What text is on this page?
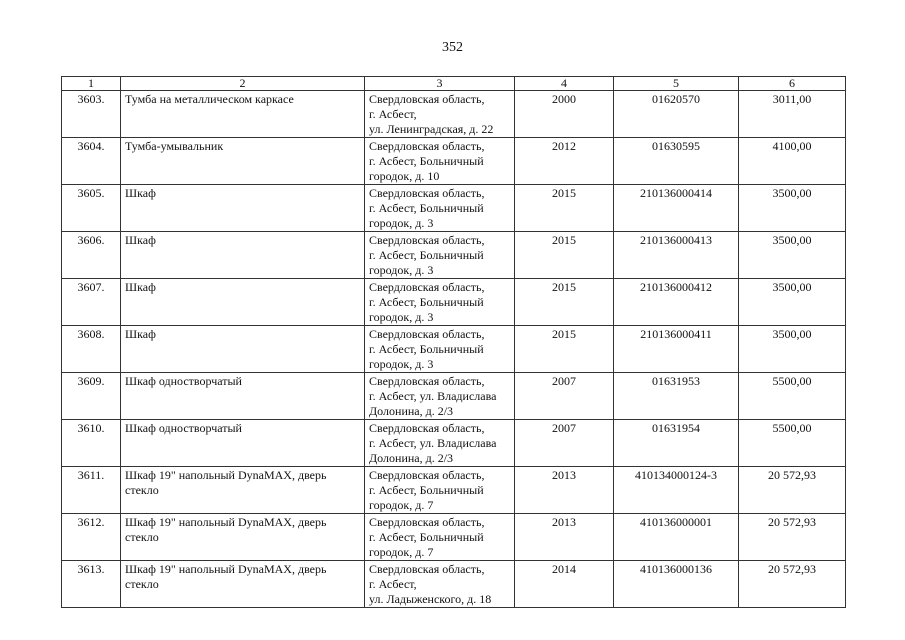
352
1	2	3	4	5	6
3603.	Тумба на металлическом каркасе	Свердловская область,
г. Асбест,
ул. Ленинградская, д. 22	2000	01620570	3011,00
3604.	Тумба-умывальник	Свердловская область,
г. Асбест, Больничный
городок, д. 10	2012	01630595	4100,00
3605.	Шкаф	Свердловская область,
г. Асбест, Больничный
городок, д. 3	2015	210136000414	3500,00
3606.	Шкаф	Свердловская область,
г. Асбест, Больничный
городок, д. 3	2015	210136000413	3500,00
3607.	Шкаф	Свердловская область,
г. Асбест, Больничный
городок, д. 3	2015	210136000412	3500,00
3608.	Шкаф	Свердловская область,
г. Асбест, Больничный
городок, д. 3	2015	210136000411	3500,00
3609.	Шкаф одностворчатый	Свердловская область,
г. Асбест, ул. Владислава
Долонина, д. 2/3	2007	01631953	5500,00
3610.	Шкаф одностворчатый	Свердловская область,
г. Асбест, ул. Владислава
Долонина, д. 2/3	2007	01631954	5500,00
3611.	Шкаф 19" напольный DynaMAX, дверь стекло	Свердловская область,
г. Асбест, Больничный
городок, д. 7	2013	410134000124-3	20 572,93
3612.	Шкаф 19" напольный DynaMAX, дверь стекло	Свердловская область,
г. Асбест, Больничный
городок, д. 7	2013	410136000001	20 572,93
3613.	Шкаф 19" напольный DynaMAX, дверь стекло	Свердловская область,
г. Асбест,
ул. Ладыженского, д. 18	2014	410136000136	20 572,93
